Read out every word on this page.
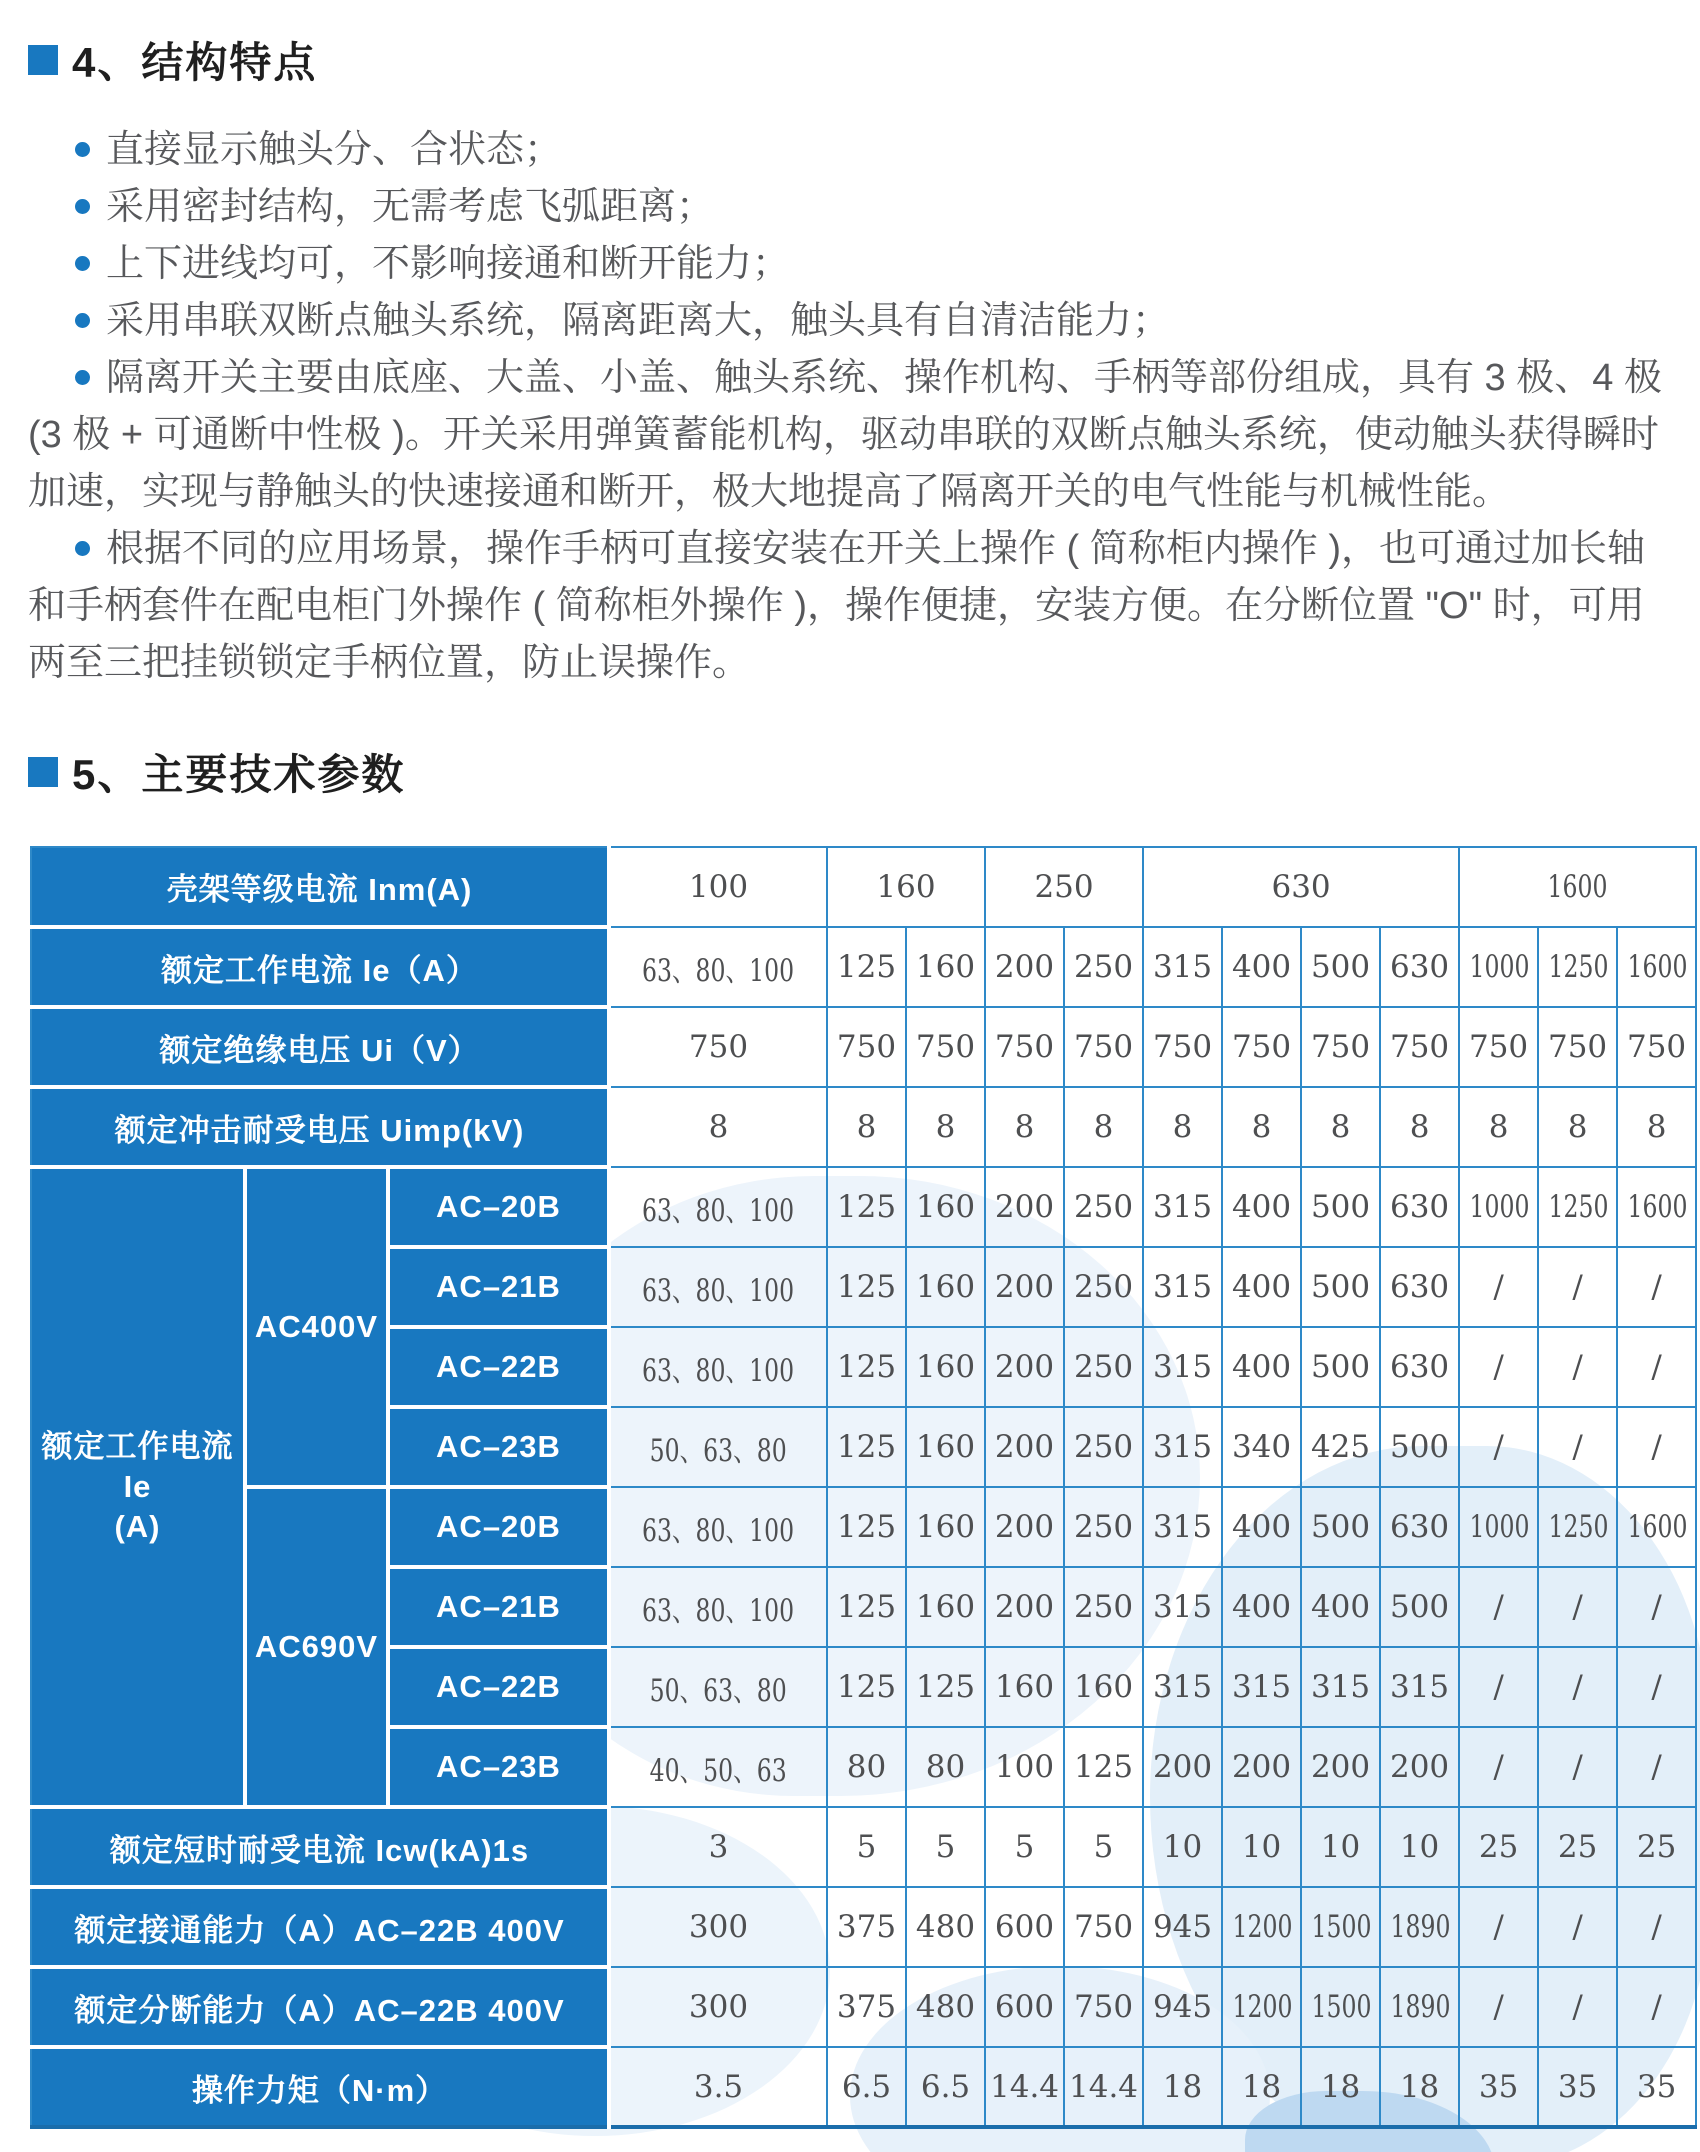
4、结构特点

直接显示触头分、合状态；

采用密封结构，无需考虑飞弧距离；

上下进线均可，不影响接通和断开能力；

采用串联双断点触头系统，隔离距离大，触头具有自清洁能力；

隔离开关主要由底座、大盖、小盖、触头系统、操作机构、手柄等部份组成，具有 3 极、4 极 (3 极 + 可通断中性极 )。开关采用弹簧蓄能机构，驱动串联的双断点触头系统，使动触头获得瞬时加速，实现与静触头的快速接通和断开，极大地提高了隔离开关的电气性能与机械性能。

根据不同的应用场景，操作手柄可直接安装在开关上操作 ( 简称柜内操作 )，也可通过加长轴和手柄套件在配电柜门外操作 ( 简称柜外操作 )，操作便捷，安装方便。在分断位置 "O" 时，可用两至三把挂锁锁定手柄位置，防止误操作。

5、主要技术参数
壳架等级电流 Inm(A)			100	160		250		630				1600		
额定工作电流 Ie（A）			63、80、100	125	160	200	250	315	400	500	630	1000	1250	1600
额定绝缘电压 Ui（V）			750	750	750	750	750	750	750	750	750	750	750	750
额定冲击耐受电压 Uimp(kV)			8	8	8	8	8	8	8	8	8	8	8	8

额定工作电流
Ie
(A)	AC400V	AC–20B	63、80、100	125	160	200	250	315	400	500	630	1000	1250	1600
		AC–21B	63、80、100	125	160	200	250	315	400	500	630	/	/	/
		AC–22B	63、80、100	125	160	200	250	315	400	500	630	/	/	/
		AC–23B	50、63、80	125	160	200	250	315	340	425	500	/	/	/
	AC690V	AC–20B	63、80、100	125	160	200	250	315	400	500	630	1000	1250	1600
		AC–21B	63、80、100	125	160	200	250	315	400	400	500	/	/	/
		AC–22B	50、63、80	125	125	160	160	315	315	315	315	/	/	/
		AC–23B	40、50、63	80	80	100	125	200	200	200	200	/	/	/
额定短时耐受电流 Icw(kA)1s			3	5	5	5	5	10	10	10	10	25	25	25
额定接通能力（A）AC–22B 400V			300	375	480	600	750	945	1200	1500	1890	/	/	/
额定分断能力（A）AC–22B 400V			300	375	480	600	750	945	1200	1500	1890	/	/	/
操作力矩（N·m）			3.5	6.5	6.5	14.4	14.4	18	18	18	18	35	35	35
